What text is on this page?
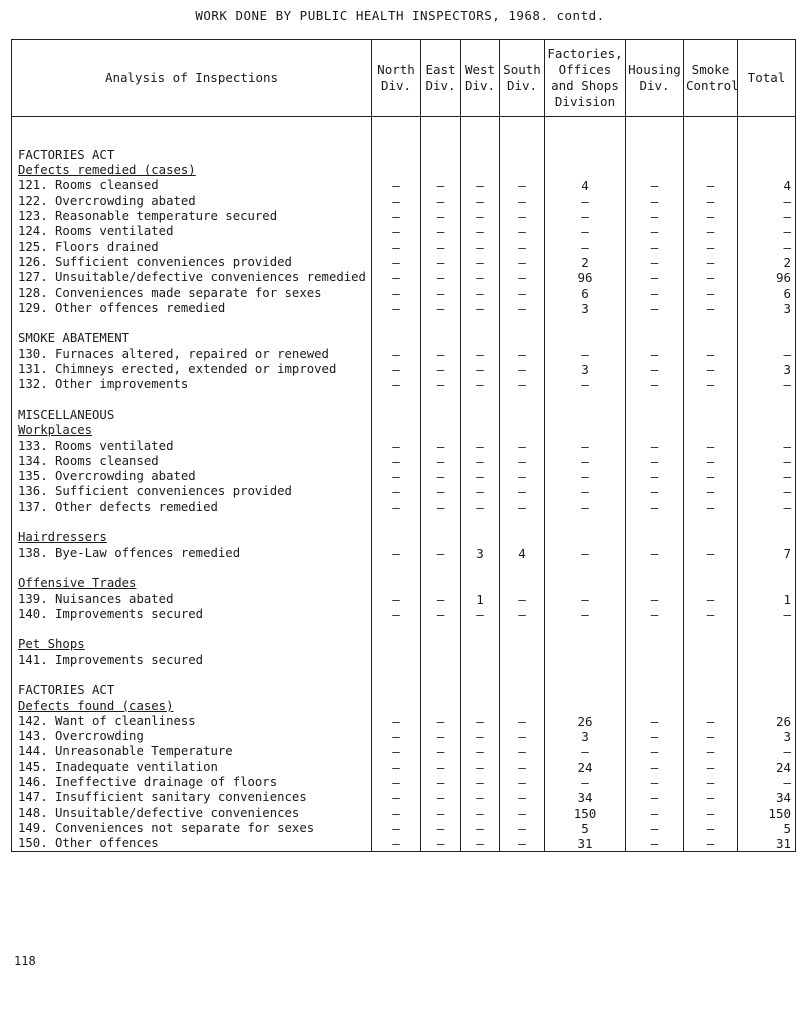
WORK DONE BY PUBLIC HEALTH INSPECTORS, 1968. contd.
Analysis of Inspections	North Div.	East Div.	West Div.	South Div.	Factories, Offices and Shops Division	Housing Div.	Smoke Control	Total

FACTORIES ACT								
Defects remedied (cases)								
121. Rooms cleansed	–	–	–	–	4	–	–	4
122. Overcrowding abated	–	–	–	–	–	–	–	–
123. Reasonable temperature secured	–	–	–	–	–	–	–	–
124. Rooms ventilated	–	–	–	–	–	–	–	–
125. Floors drained	–	–	–	–	–	–	–	–
126. Sufficient conveniences provided	–	–	–	–	2	–	–	2
127. Unsuitable/defective conveniences remedied	–	–	–	–	96	–	–	96
128. Conveniences made separate for sexes	–	–	–	–	6	–	–	6
129. Other offences remedied	–	–	–	–	3	–	–	3

SMOKE ABATEMENT								
130. Furnaces altered, repaired or renewed	–	–	–	–	–	–	–	–
131. Chimneys erected, extended or improved	–	–	–	–	3	–	–	3
132. Other improvements	–	–	–	–	–	–	–	–

MISCELLANEOUS								
Workplaces								
133. Rooms ventilated	–	–	–	–	–	–	–	–
134. Rooms cleansed	–	–	–	–	–	–	–	–
135. Overcrowding abated	–	–	–	–	–	–	–	–
136. Sufficient conveniences provided	–	–	–	–	–	–	–	–
137. Other defects remedied	–	–	–	–	–	–	–	–

Hairdressers								
138. Bye-Law offences remedied	–	–	3	4	–	–	–	7

Offensive Trades								
139. Nuisances abated	–	–	1	–	–	–	–	1
140. Improvements secured	–	–	–	–	–	–	–	–

Pet Shops								
141. Improvements secured								

FACTORIES ACT								
Defects found (cases)								
142. Want of cleanliness	–	–	–	–	26	–	–	26
143. Overcrowding	–	–	–	–	3	–	–	3
144. Unreasonable Temperature	–	–	–	–	–	–	–	–
145. Inadequate ventilation	–	–	–	–	24	–	–	24
146. Ineffective drainage of floors	–	–	–	–	–	–	–	–
147. Insufficient sanitary conveniences	–	–	–	–	34	–	–	34
148. Unsuitable/defective conveniences	–	–	–	–	150	–	–	150
149. Conveniences not separate for sexes	–	–	–	–	5	–	–	5
150. Other offences	–	–	–	–	31	–	–	31
118
